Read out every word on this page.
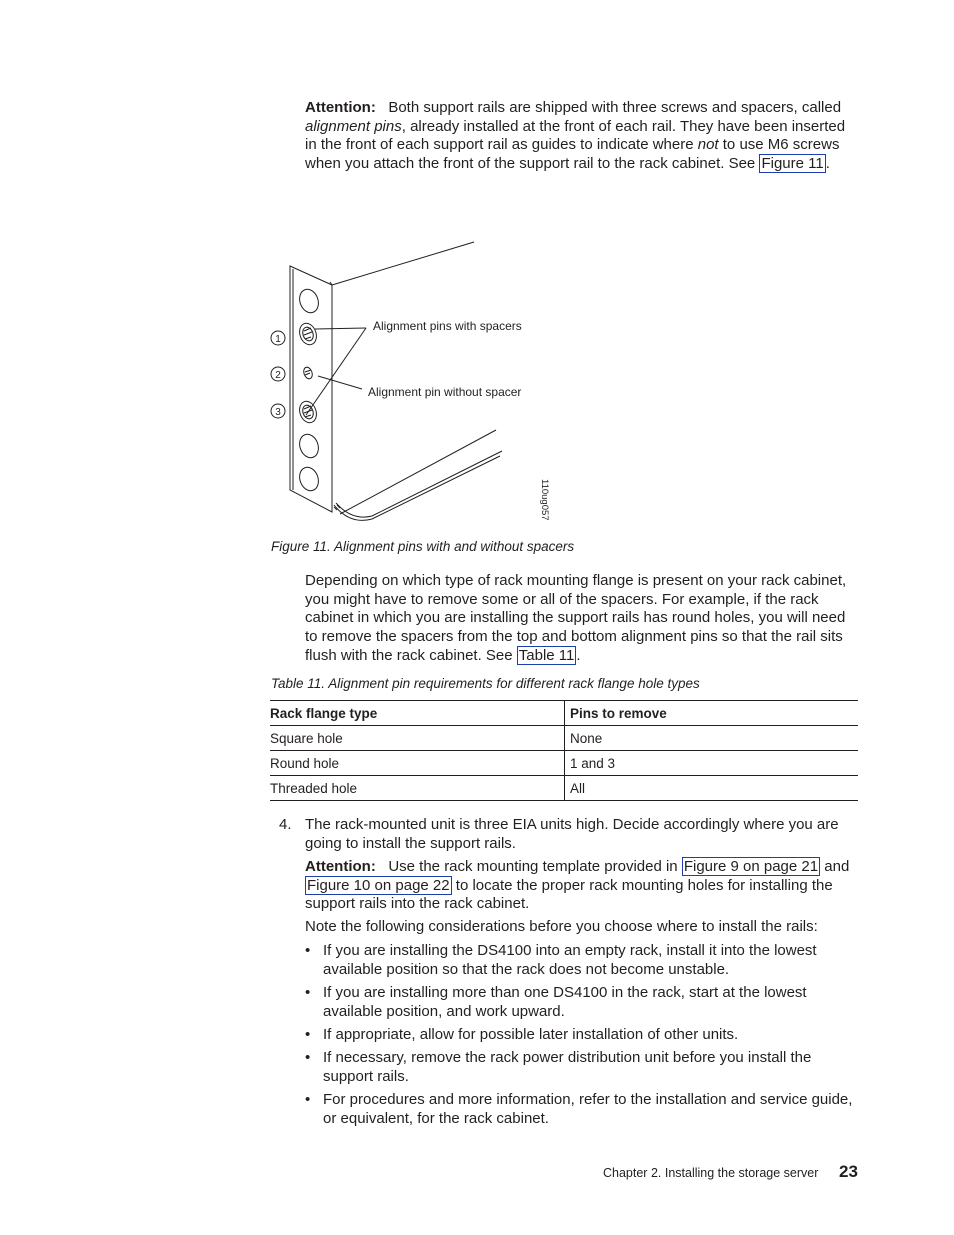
Attention: Both support rails are shipped with three screws and spacers, called alignment pins, already installed at the front of each rail. They have been inserted in the front of each support rail as guides to indicate where not to use M6 screws when you attach the front of the support rail to the rack cabinet. See Figure 11 .
1
2
3
Alignment pins with spacers
Alignment pin without spacer
110ug057
Figure 11. Alignment pins with and without spacers
Depending on which type of rack mounting flange is present on your rack cabinet, you might have to remove some or all of the spacers. For example, if the rack cabinet in which you are installing the support rails has round holes, you will need to remove the spacers from the top and bottom alignment pins so that the rail sits flush with the rack cabinet. See Table 11 .
Table 11. Alignment pin requirements for different rack flange hole types
Rack flange type	Pins to remove
Square hole	None
Round hole	1 and 3
Threaded hole	All
4. The rack-mounted unit is three EIA units high. Decide accordingly where you are going to install the support rails.
Attention: Use the rack mounting template provided in Figure 9 on page 21 and Figure 10 on page 22 to locate the proper rack mounting holes for installing the support rails into the rack cabinet.
Note the following considerations before you choose where to install the rails:
• If you are installing the DS4100 into an empty rack, install it into the lowest available position so that the rack does not become unstable.
• If you are installing more than one DS4100 in the rack, start at the lowest available position, and work upward.
• If appropriate, allow for possible later installation of other units.
• If necessary, remove the rack power distribution unit before you install the support rails.
• For procedures and more information, refer to the installation and service guide, or equivalent, for the rack cabinet.
Chapter 2. Installing the storage server 23
